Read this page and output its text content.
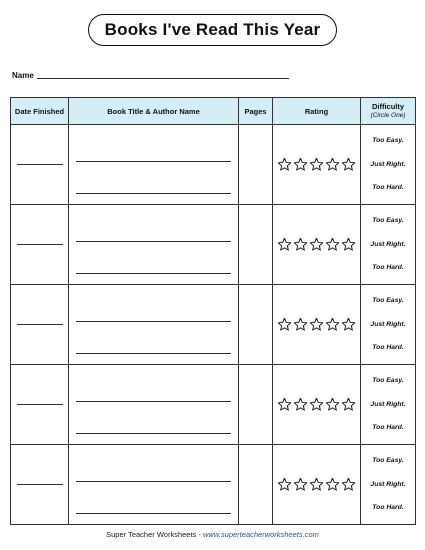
Books I've Read This Year
Name
Date Finished	Book Title & Author Name	Pages	Rating	Difficulty
(Circle One)

Too Easy.
Just Right.
Too Hard.

Too Easy.
Just Right.
Too Hard.

Too Easy.
Just Right.
Too Hard.

Too Easy.
Just Right.
Too Hard.

Too Easy.
Just Right.
Too Hard.
Super Teacher Worksheets - www.superteacherworksheets.com
